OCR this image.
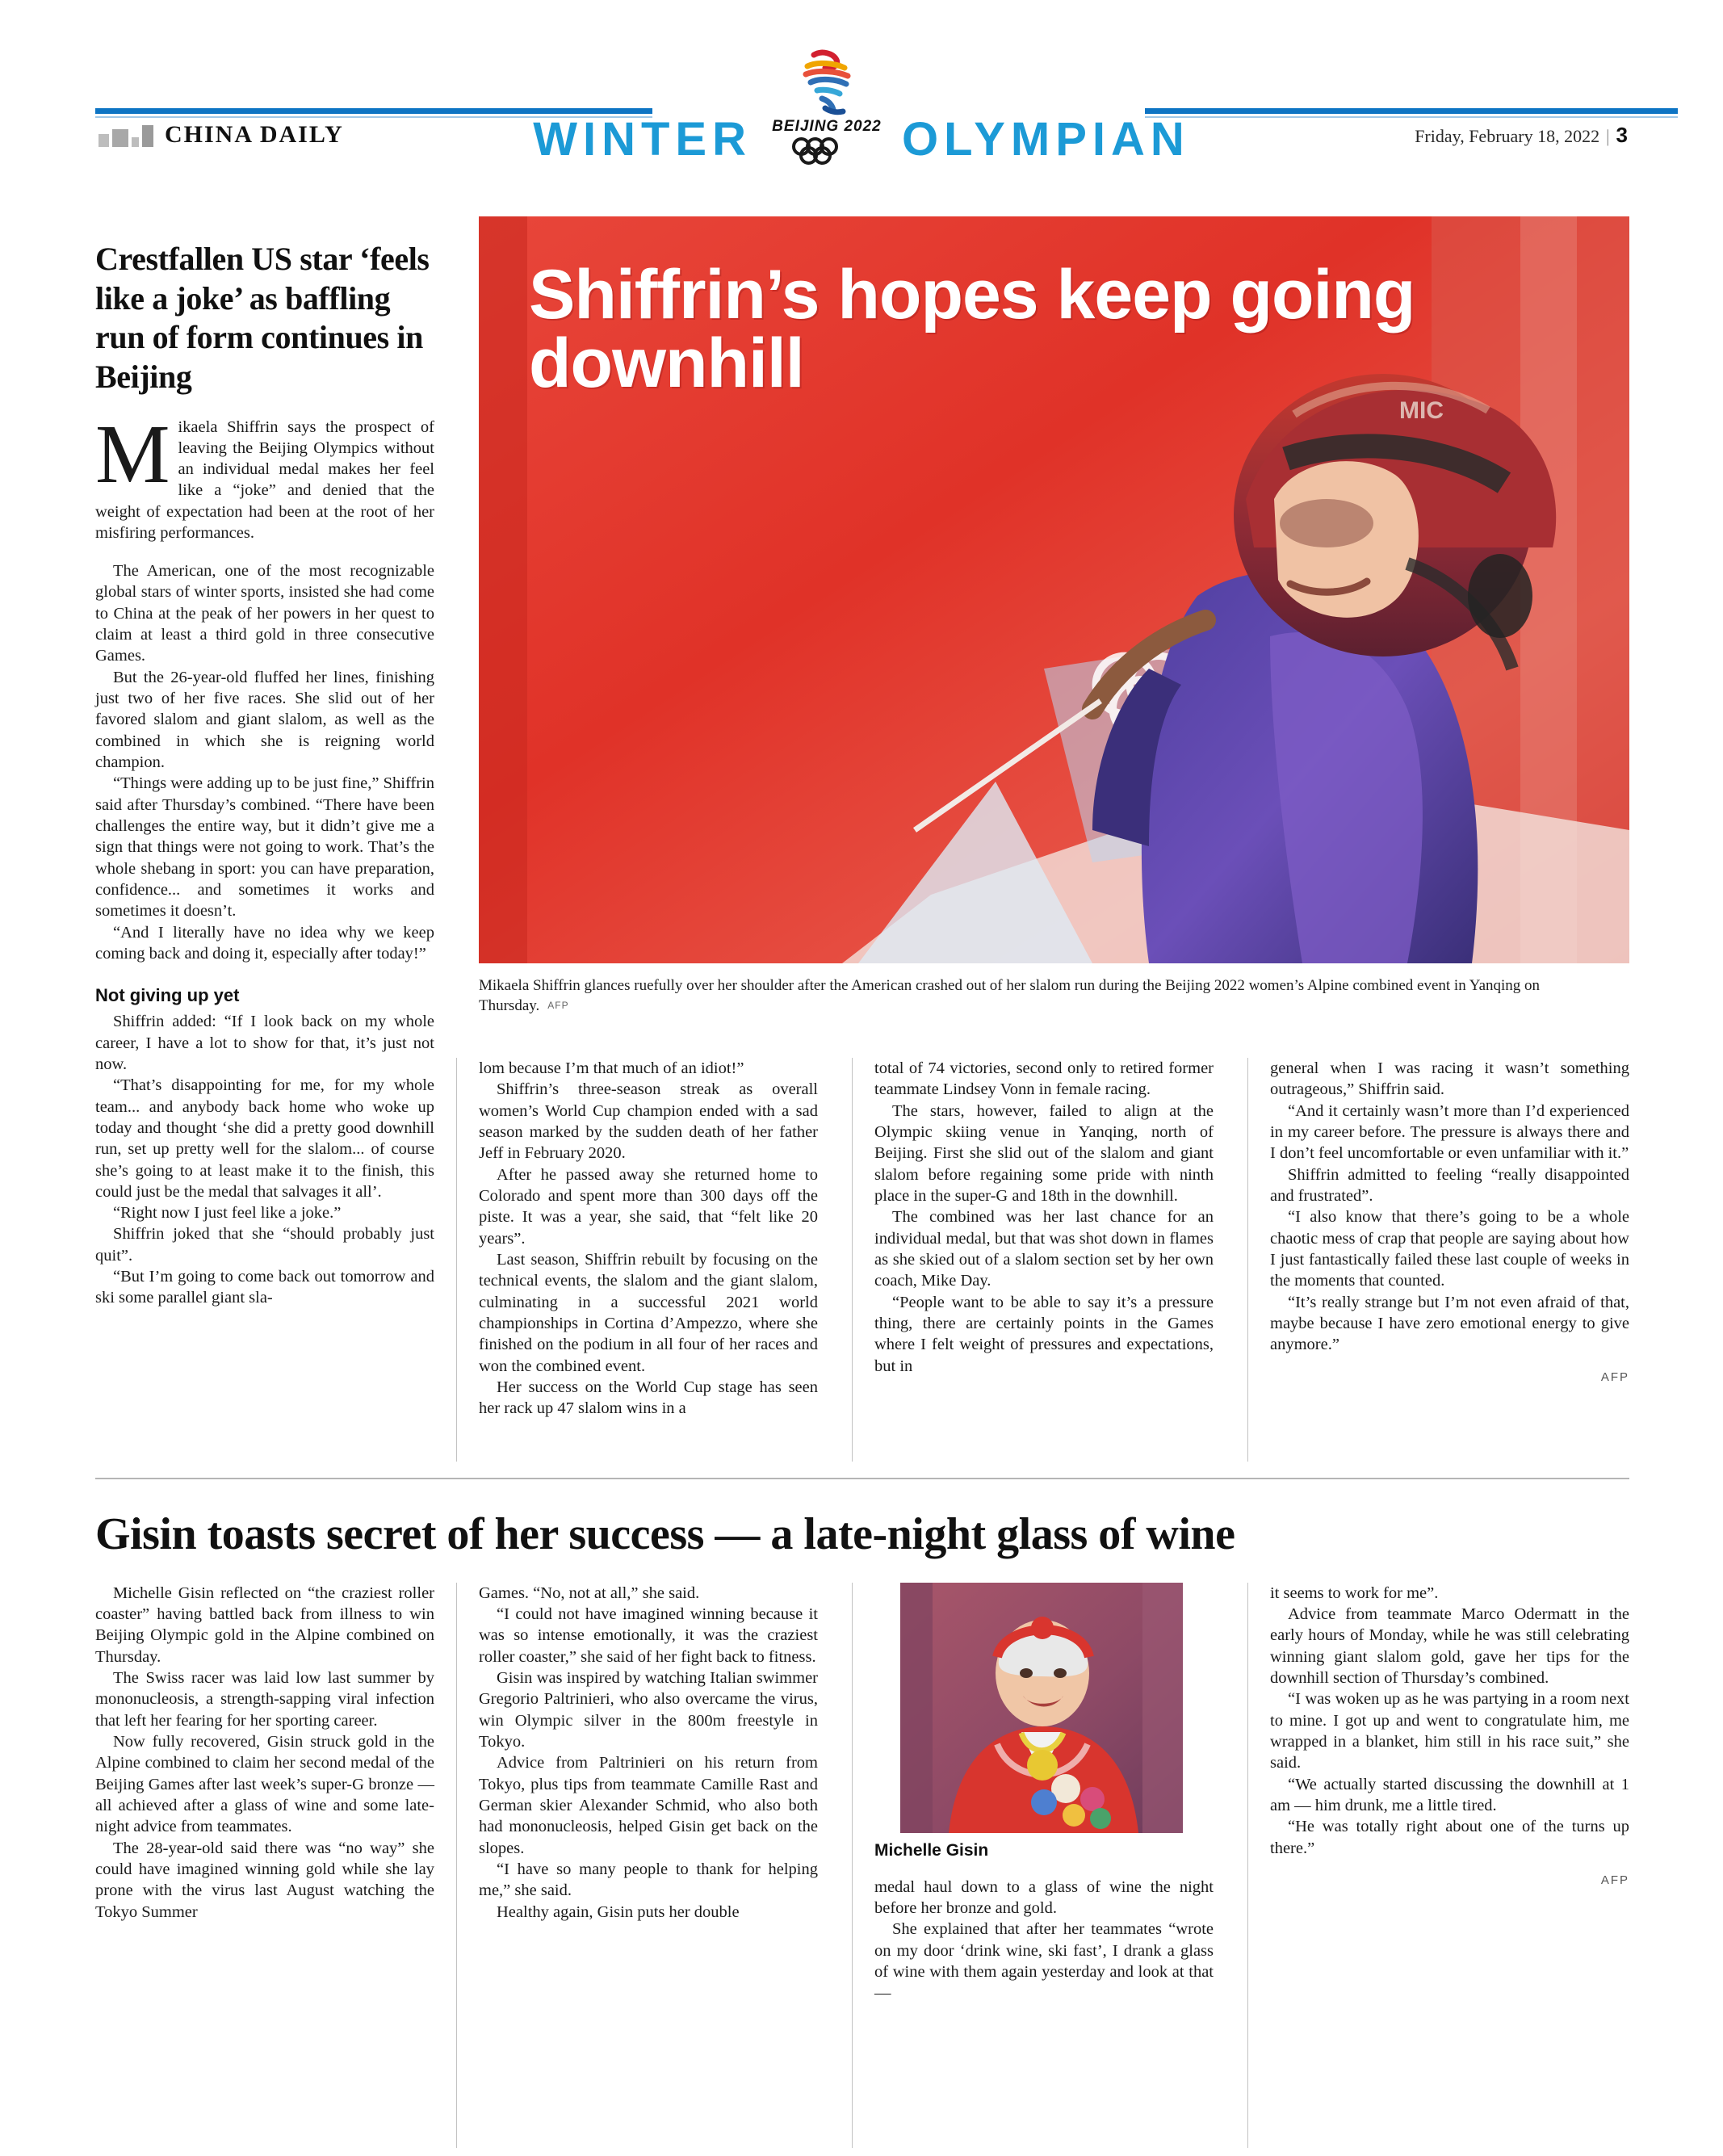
CHINA DAILY	WINTER BEIJING 2022 OLYMPIAN	Friday, February 18, 2022 | 3
Crestfallen US star ‘feels like a joke’ as baffling run of form continues in Beijing

Mikaela Shiffrin says the prospect of leaving the Beijing Olympics without an individual medal makes her feel like a “joke” and denied that the weight of expectation had been at the root of her misfiring performances.

The American, one of the most recognizable global stars of winter sports, insisted she had come to China at the peak of her powers in her quest to claim at least a third gold in three consecutive Games.

But the 26-year-old fluffed her lines, finishing just two of her five races. She slid out of her favored slalom and giant slalom, as well as the combined in which she is reigning world champion.

“Things were adding up to be just fine,” Shiffrin said after Thursday’s combined. “There have been challenges the entire way, but it didn’t give me a sign that things were not going to work. That’s the whole shebang in sport: you can have preparation, confidence... and sometimes it works and sometimes it doesn’t.

“And I literally have no idea why we keep coming back and doing it, especially after today!”

Not giving up yet

Shiffrin added: “If I look back on my whole career, I have a lot to show for that, it’s just not now.

“That’s disappointing for me, for my whole team... and anybody back home who woke up today and thought ‘she did a pretty good downhill run, set up pretty well for the slalom... of course she’s going to at least make it to the finish, this could just be the medal that salvages it all’.

“Right now I just feel like a joke.”

Shiffrin joked that she “should probably just quit”.

“But I’m going to come back out tomorrow and ski some parallel giant sla-

MIC
Shiffrin’s hopes keep going downhill
Mikaela Shiffrin glances ruefully over her shoulder after the American crashed out of her slalom run during the Beijing 2022 women’s Alpine combined event in Yanqing on Thursday. AFP

lom because I’m that much of an idiot!”

Shiffrin’s three-season streak as overall women’s World Cup champion ended with a sad season marked by the sudden death of her father Jeff in February 2020.

After he passed away she returned home to Colorado and spent more than 300 days off the piste. It was a year, she said, that “felt like 20 years”.

Last season, Shiffrin rebuilt by focusing on the technical events, the slalom and the giant slalom, culminating in a successful 2021 world championships in Cortina d’Ampezzo, where she finished on the podium in all four of her races and won the combined event.

Her success on the World Cup stage has seen her rack up 47 slalom wins in a

total of 74 victories, second only to retired former teammate Lindsey Vonn in female racing.

The stars, however, failed to align at the Olympic skiing venue in Yanqing, north of Beijing. First she slid out of the slalom and giant slalom before regaining some pride with ninth place in the super-G and 18th in the downhill.

The combined was her last chance for an individual medal, but that was shot down in flames as she skied out of a slalom section set by her own coach, Mike Day.

“People want to be able to say it’s a pressure thing, there are certainly points in the Games where I felt weight of pressures and expectations, but in

general when I was racing it wasn’t something outrageous,” Shiffrin said.

“And it certainly wasn’t more than I’d experienced in my career before. The pressure is always there and I don’t feel uncomfortable or even unfamiliar with it.”

Shiffrin admitted to feeling “really disappointed and frustrated”.

“I also know that there’s going to be a whole chaotic mess of crap that people are saying about how I just fantastically failed these last couple of weeks in the moments that counted.

“It’s really strange but I’m not even afraid of that, maybe because I have zero emotional energy to give anymore.”

AFP
Gisin toasts secret of her success — a late-night glass of wine

Michelle Gisin reflected on “the craziest roller coaster” having battled back from illness to win Beijing Olympic gold in the Alpine combined on Thursday.

The Swiss racer was laid low last summer by mononucleosis, a strength-sapping viral infection that left her fearing for her sporting career.

Now fully recovered, Gisin struck gold in the Alpine combined to claim her second medal of the Beijing Games after last week’s super-G bronze — all achieved after a glass of wine and some late-night advice from teammates.

The 28-year-old said there was “no way” she could have imagined winning gold while she lay prone with the virus last August watching the Tokyo Summer

Games. “No, not at all,” she said.

“I could not have imagined winning because it was so intense emotionally, it was the craziest roller coaster,” she said of her fight back to fitness.

Gisin was inspired by watching Italian swimmer Gregorio Paltrinieri, who also overcame the virus, win Olympic silver in the 800m freestyle in Tokyo.

Advice from Paltrinieri on his return from Tokyo, plus tips from teammate Camille Rast and German skier Alexander Schmid, who also both had mononucleosis, helped Gisin get back on the slopes.

“I have so many people to thank for helping me,” she said.

Healthy again, Gisin puts her double

Michelle Gisin

medal haul down to a glass of wine the night before her bronze and gold.

She explained that after her teammates “wrote on my door ‘drink wine, ski fast’, I drank a glass of wine with them again yesterday and look at that —

it seems to work for me”.

Advice from teammate Marco Odermatt in the early hours of Monday, while he was still celebrating winning giant slalom gold, gave her tips for the downhill section of Thursday’s combined.

“I was woken up as he was partying in a room next to mine. I got up and went to congratulate him, me wrapped in a blanket, him still in his race suit,” she said.

“We actually started discussing the downhill at 1 am — him drunk, me a little tired.

“He was totally right about one of the turns up there.”

AFP
